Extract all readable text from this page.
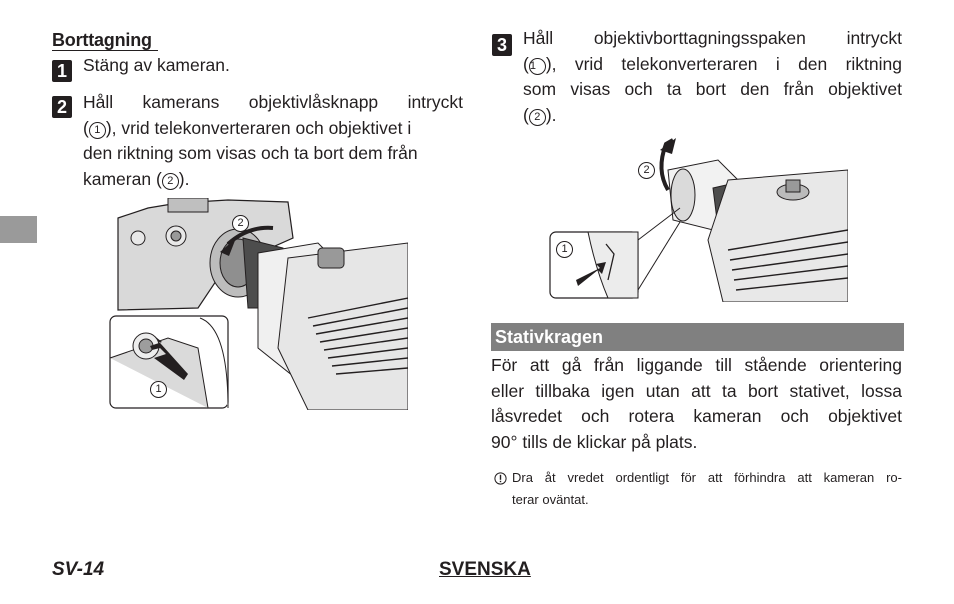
Borttagning
1 Stäng av kameran.
2 Håll kamerans objektivlåsknapp intryckt
( 1 ), vrid telekonverteraren och objektivet i
den riktning som visas och ta bort dem från
kameran ( 2 ).
2
1
3 Håll objektivborttagningsspaken intryckt
(1 ), vrid telekonverteraren i den riktning
som visas och ta bort den från objektivet
( 2 ).
2
1
Stativkragen
För att gå från liggande till stående orientering
eller tillbaka igen utan att ta bort stativet, lossa
låsvredet och rotera kameran och objektivet
90° tills de klickar på plats.
Dra åt vredet ordentligt för att förhindra att kameran ro-
terar oväntat.
SV-14	SVENSKA
